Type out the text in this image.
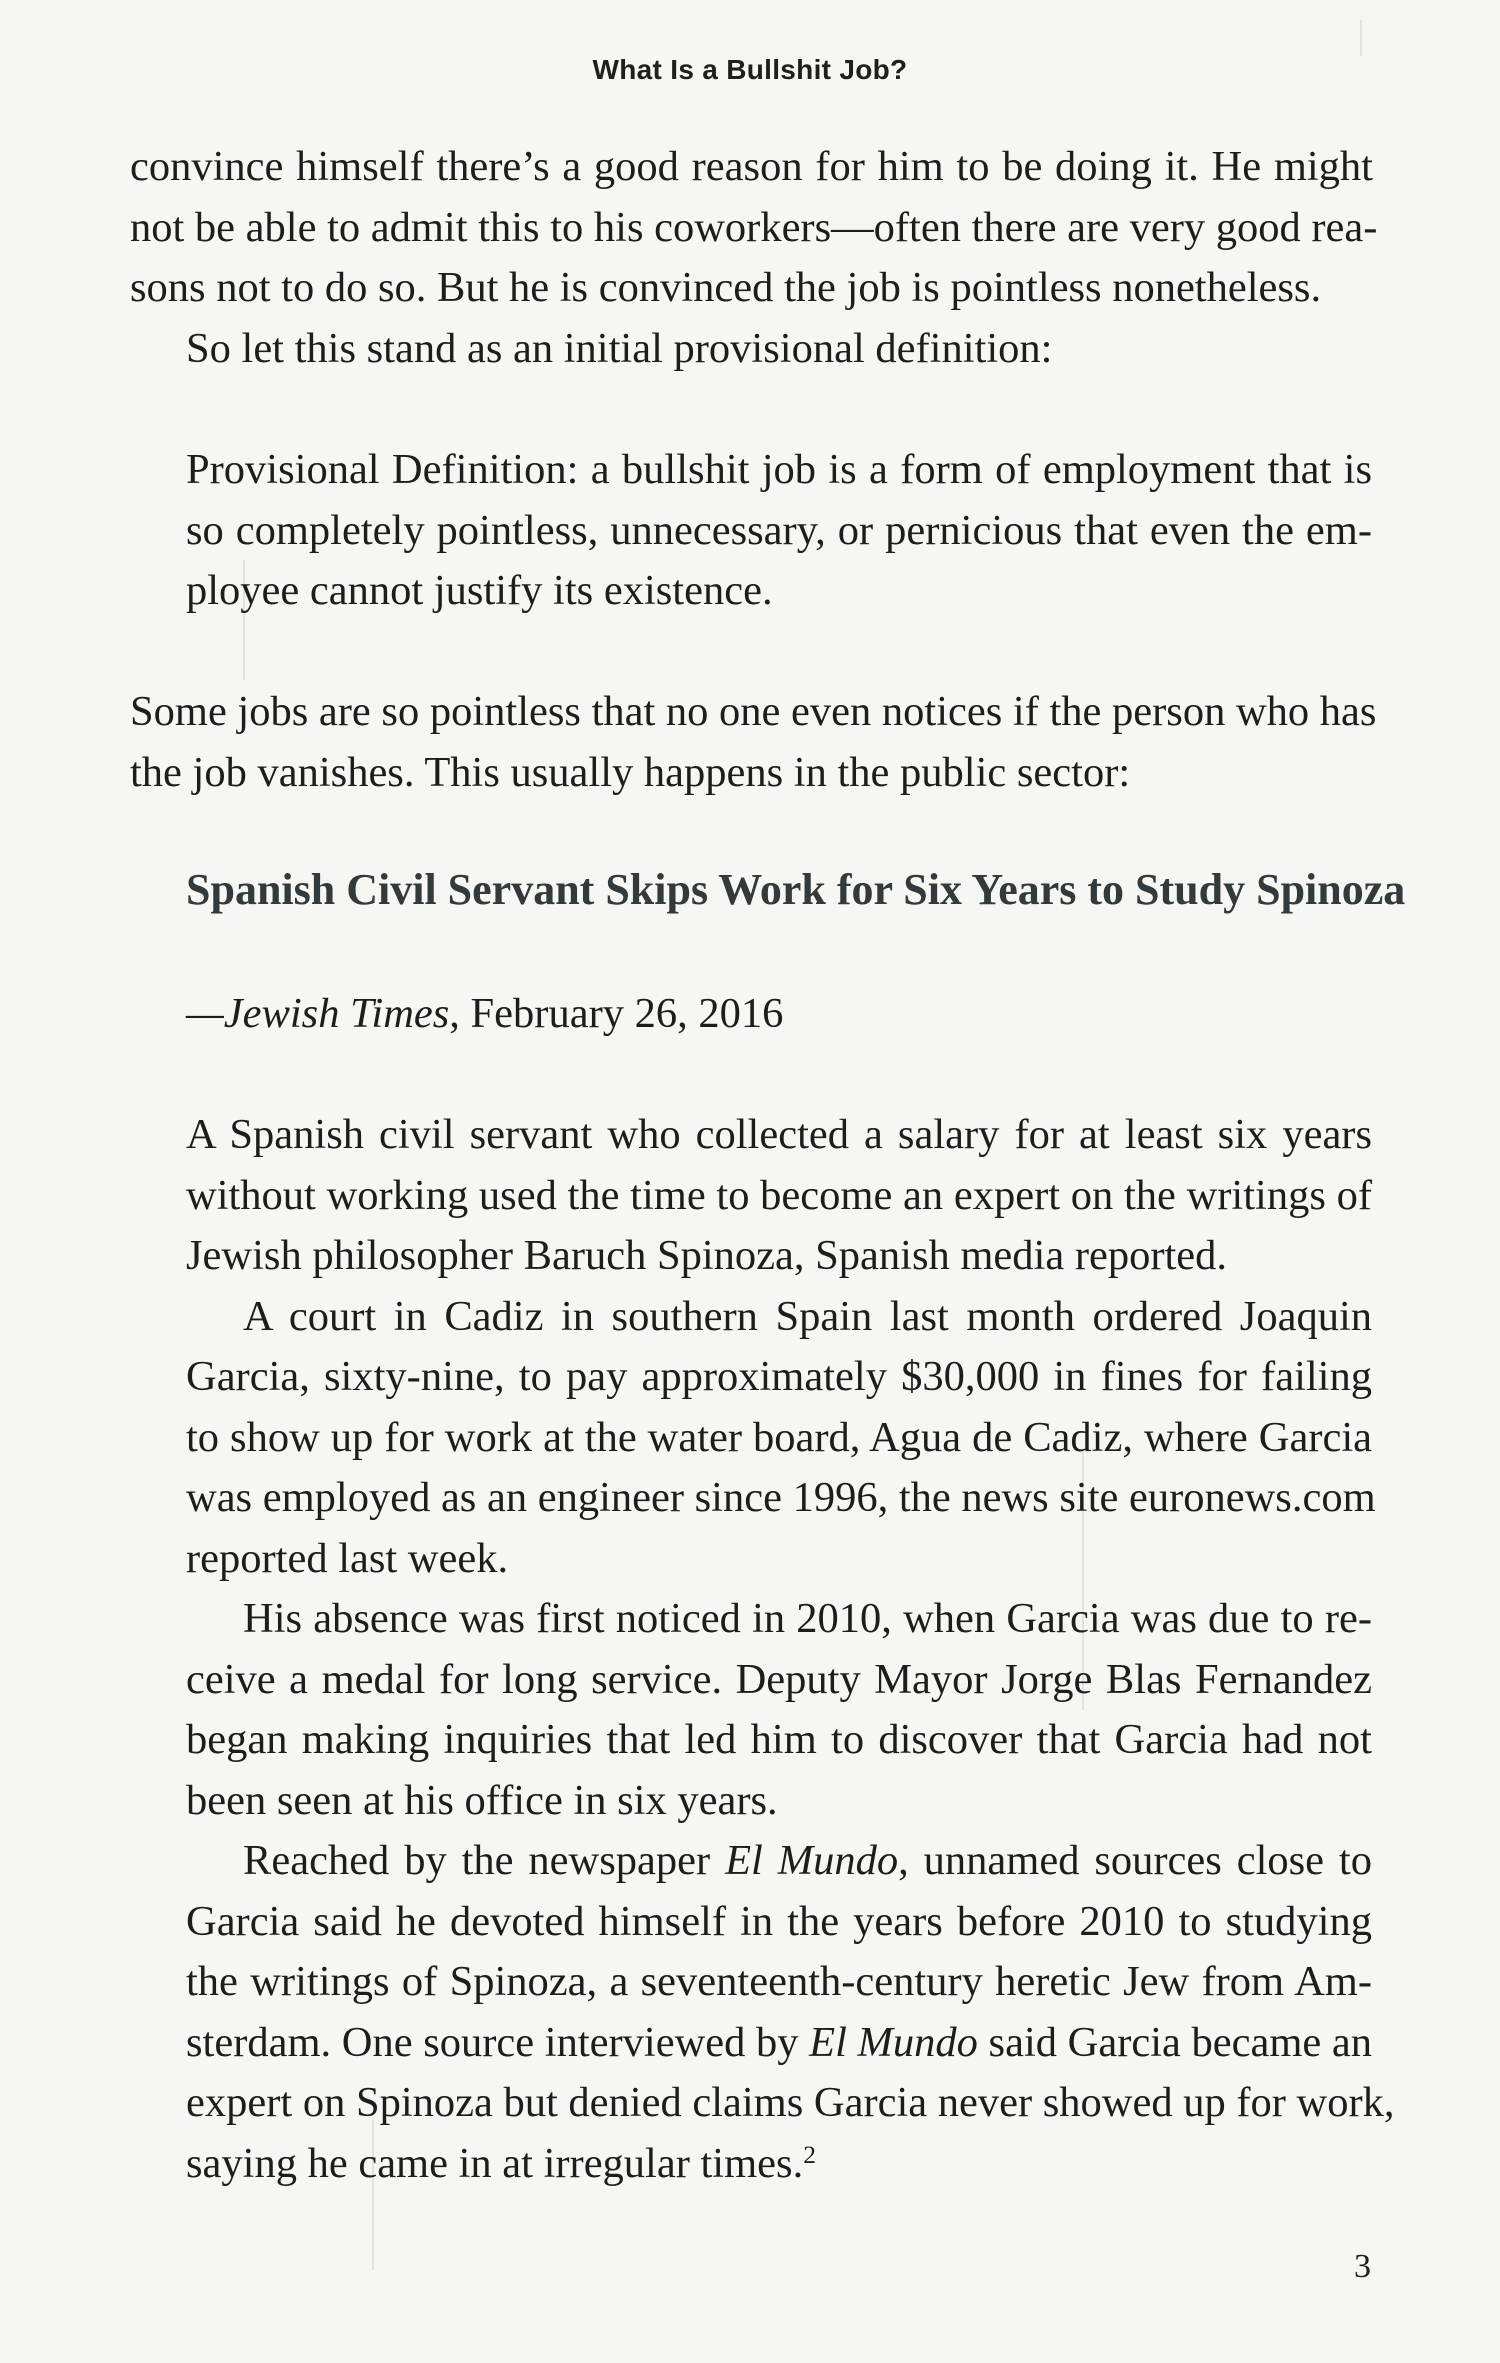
What Is a Bullshit Job?
convince himself there’s a good reason for him to be doing it. He might
not be able to admit this to his coworkers—often there are very good rea-
sons not to do so. But he is convinced the job is pointless nonetheless.
So let this stand as an initial provisional definition:
Provisional Definition: a bullshit job is a form of employment that is
so completely pointless, unnecessary, or pernicious that even the em-
ployee cannot justify its existence.
Some jobs are so pointless that no one even notices if the person who has
the job vanishes. This usually happens in the public sector:
Spanish Civil Servant Skips Work for Six Years to Study Spinoza
—Jewish Times, February 26, 2016
A Spanish civil servant who collected a salary for at least six years
without working used the time to become an expert on the writings of
Jewish philosopher Baruch Spinoza, Spanish media reported.
A court in Cadiz in southern Spain last month ordered Joaquin
Garcia, sixty-nine, to pay approximately $30,000 in fines for failing
to show up for work at the water board, Agua de Cadiz, where Garcia
was employed as an engineer since 1996, the news site euronews.com
reported last week.
His absence was first noticed in 2010, when Garcia was due to re-
ceive a medal for long service. Deputy Mayor Jorge Blas Fernandez
began making inquiries that led him to discover that Garcia had not
been seen at his office in six years.
Reached by the newspaper El Mundo, unnamed sources close to
Garcia said he devoted himself in the years before 2010 to studying
the writings of Spinoza, a seventeenth-century heretic Jew from Am-
sterdam. One source interviewed by El Mundo said Garcia became an
expert on Spinoza but denied claims Garcia never showed up for work,
saying he came in at irregular times.$^2$
3
